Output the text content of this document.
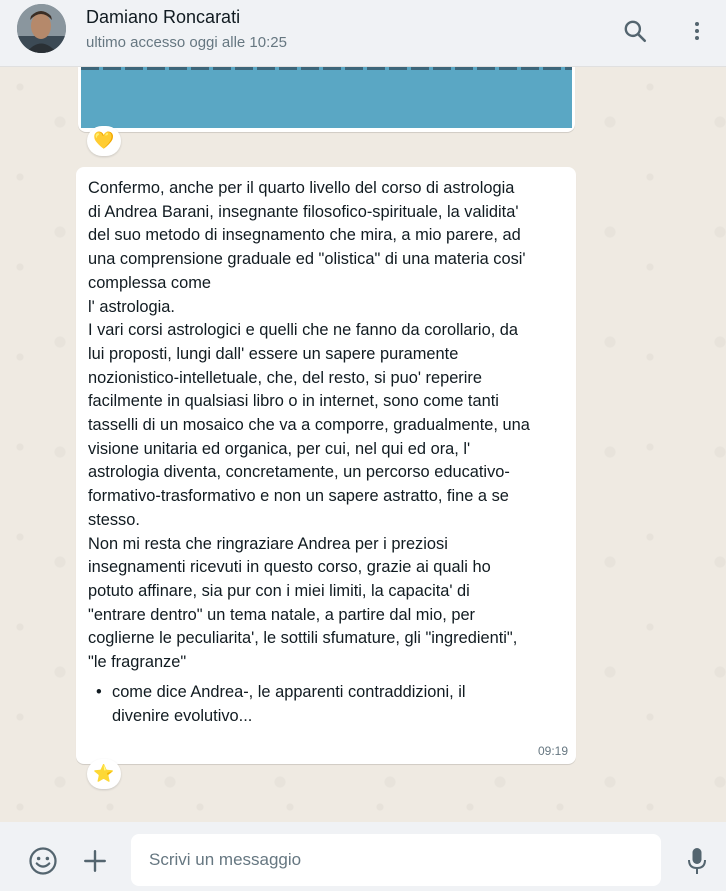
Damiano Roncarati
ultimo accesso oggi alle 10:25
💛
Confermo, anche per il quarto livello del corso di astrologia
di Andrea Barani, insegnante filosofico-spirituale, la validita'
del suo metodo di insegnamento che mira, a mio parere, ad
una comprensione graduale ed "olistica" di una materia cosi'
complessa come
l' astrologia.
I vari corsi astrologici e quelli che ne fanno da corollario, da
lui proposti, lungi dall' essere un sapere puramente
nozionistico-intelletuale, che, del resto, si puo' reperire
facilmente in qualsiasi libro o in internet, sono come tanti
tasselli di un mosaico che va a comporre, gradualmente, una
visione unitaria ed organica, per cui, nel qui ed ora, l'
astrologia diventa, concretamente, un percorso educativo-
formativo-trasformativo e non un sapere astratto, fine a se
stesso.
Non mi resta che ringraziare Andrea per i preziosi
insegnamenti ricevuti in questo corso, grazie ai quali ho
potuto affinare, sia pur con i miei limiti, la capacita' di
"entrare dentro" un tema natale, a partire dal mio, per
coglierne le peculiarita', le sottili sfumature, gli "ingredienti",
"le fragranze"
• come dice Andrea-, le apparenti contraddizioni, il
divenire evolutivo...
09:19
⭐
Scrivi un messaggio
